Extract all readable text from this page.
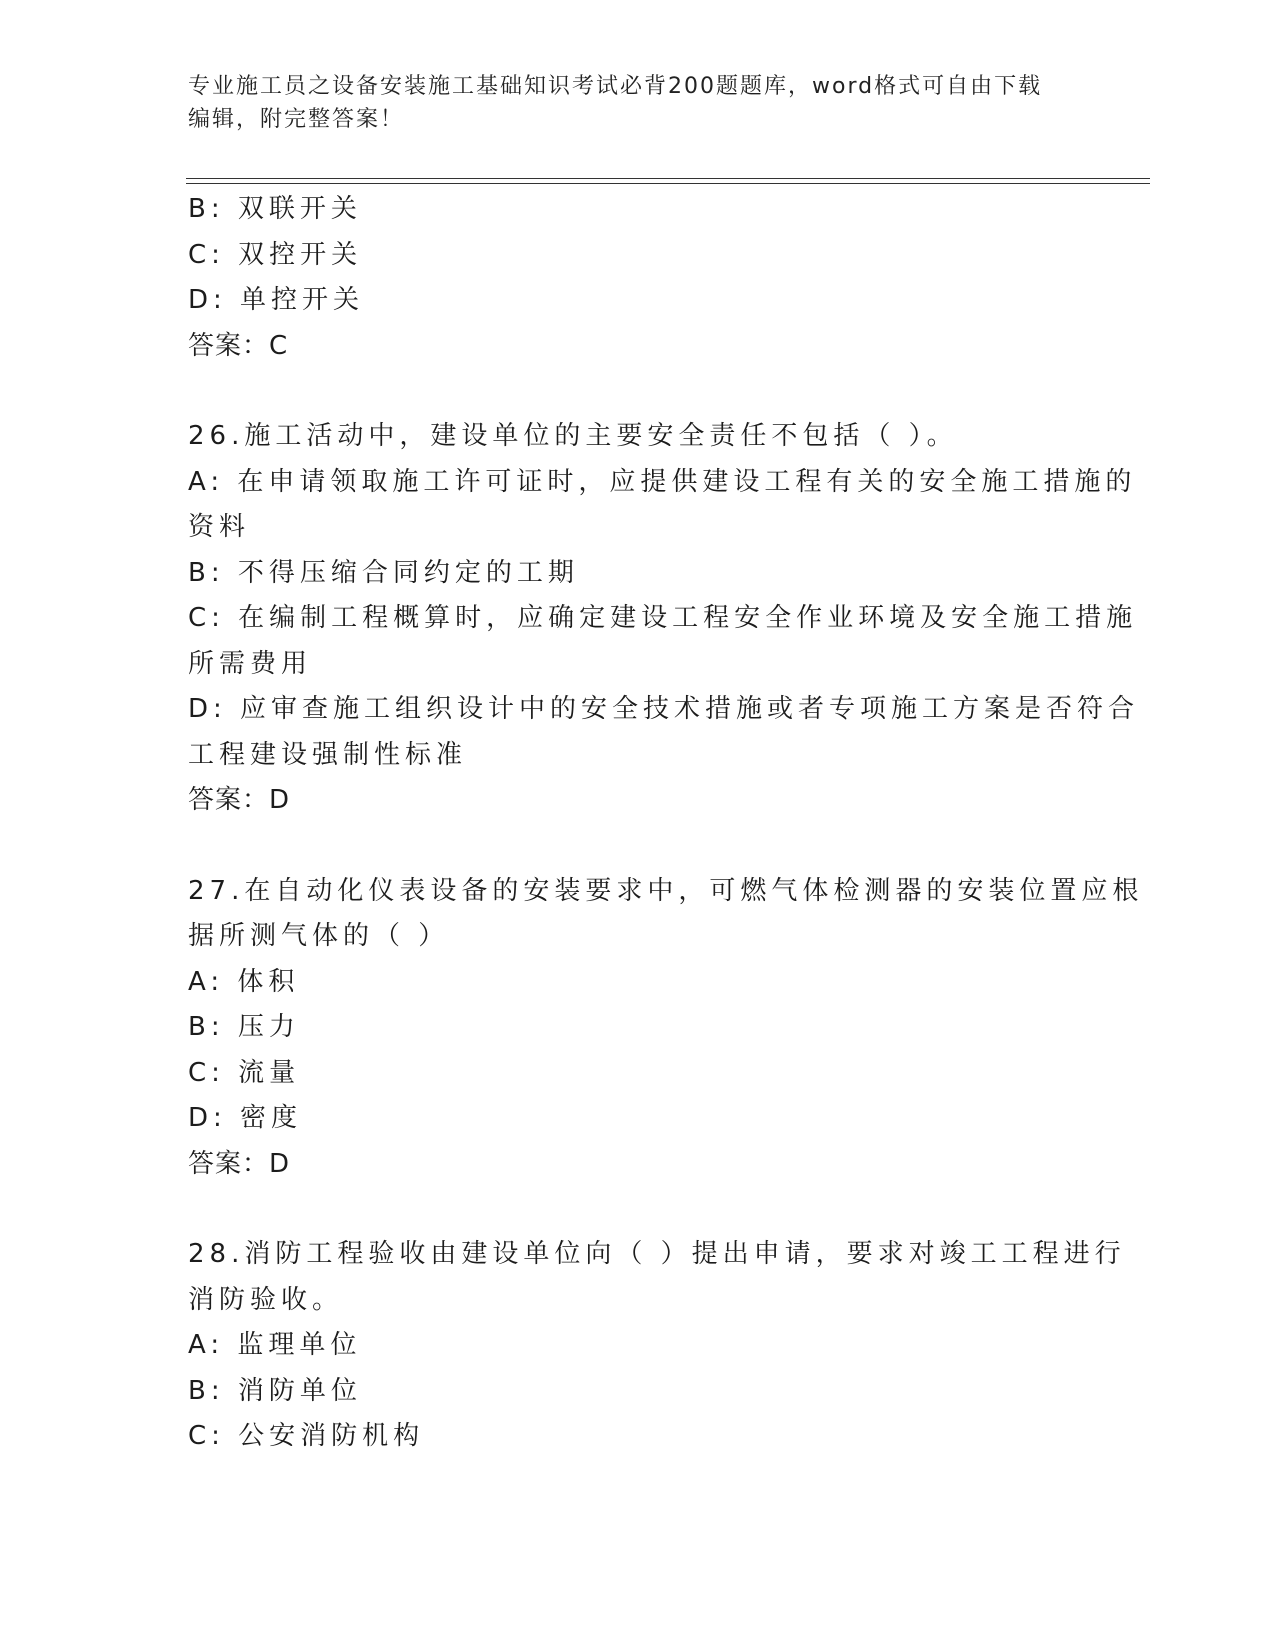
专业施工员之设备安装施工基础知识考试必背200题题库，word格式可自由下载
编辑，附完整答案！
B: 双联开关
C: 双控开关
D: 单控开关
答案：C
26.施工活动中，建设单位的主要安全责任不包括（ ）。
A: 在申请领取施工许可证时，应提供建设工程有关的安全施工措施的
资料
B: 不得压缩合同约定的工期
C: 在编制工程概算时，应确定建设工程安全作业环境及安全施工措施
所需费用
D: 应审查施工组织设计中的安全技术措施或者专项施工方案是否符合
工程建设强制性标准
答案：D
27.在自动化仪表设备的安装要求中，可燃气体检测器的安装位置应根
据所测气体的（ ）
A: 体积
B: 压力
C: 流量
D: 密度
答案：D
28.消防工程验收由建设单位向（ ）提出申请，要求对竣工工程进行
消防验收。
A: 监理单位
B: 消防单位
C: 公安消防机构
